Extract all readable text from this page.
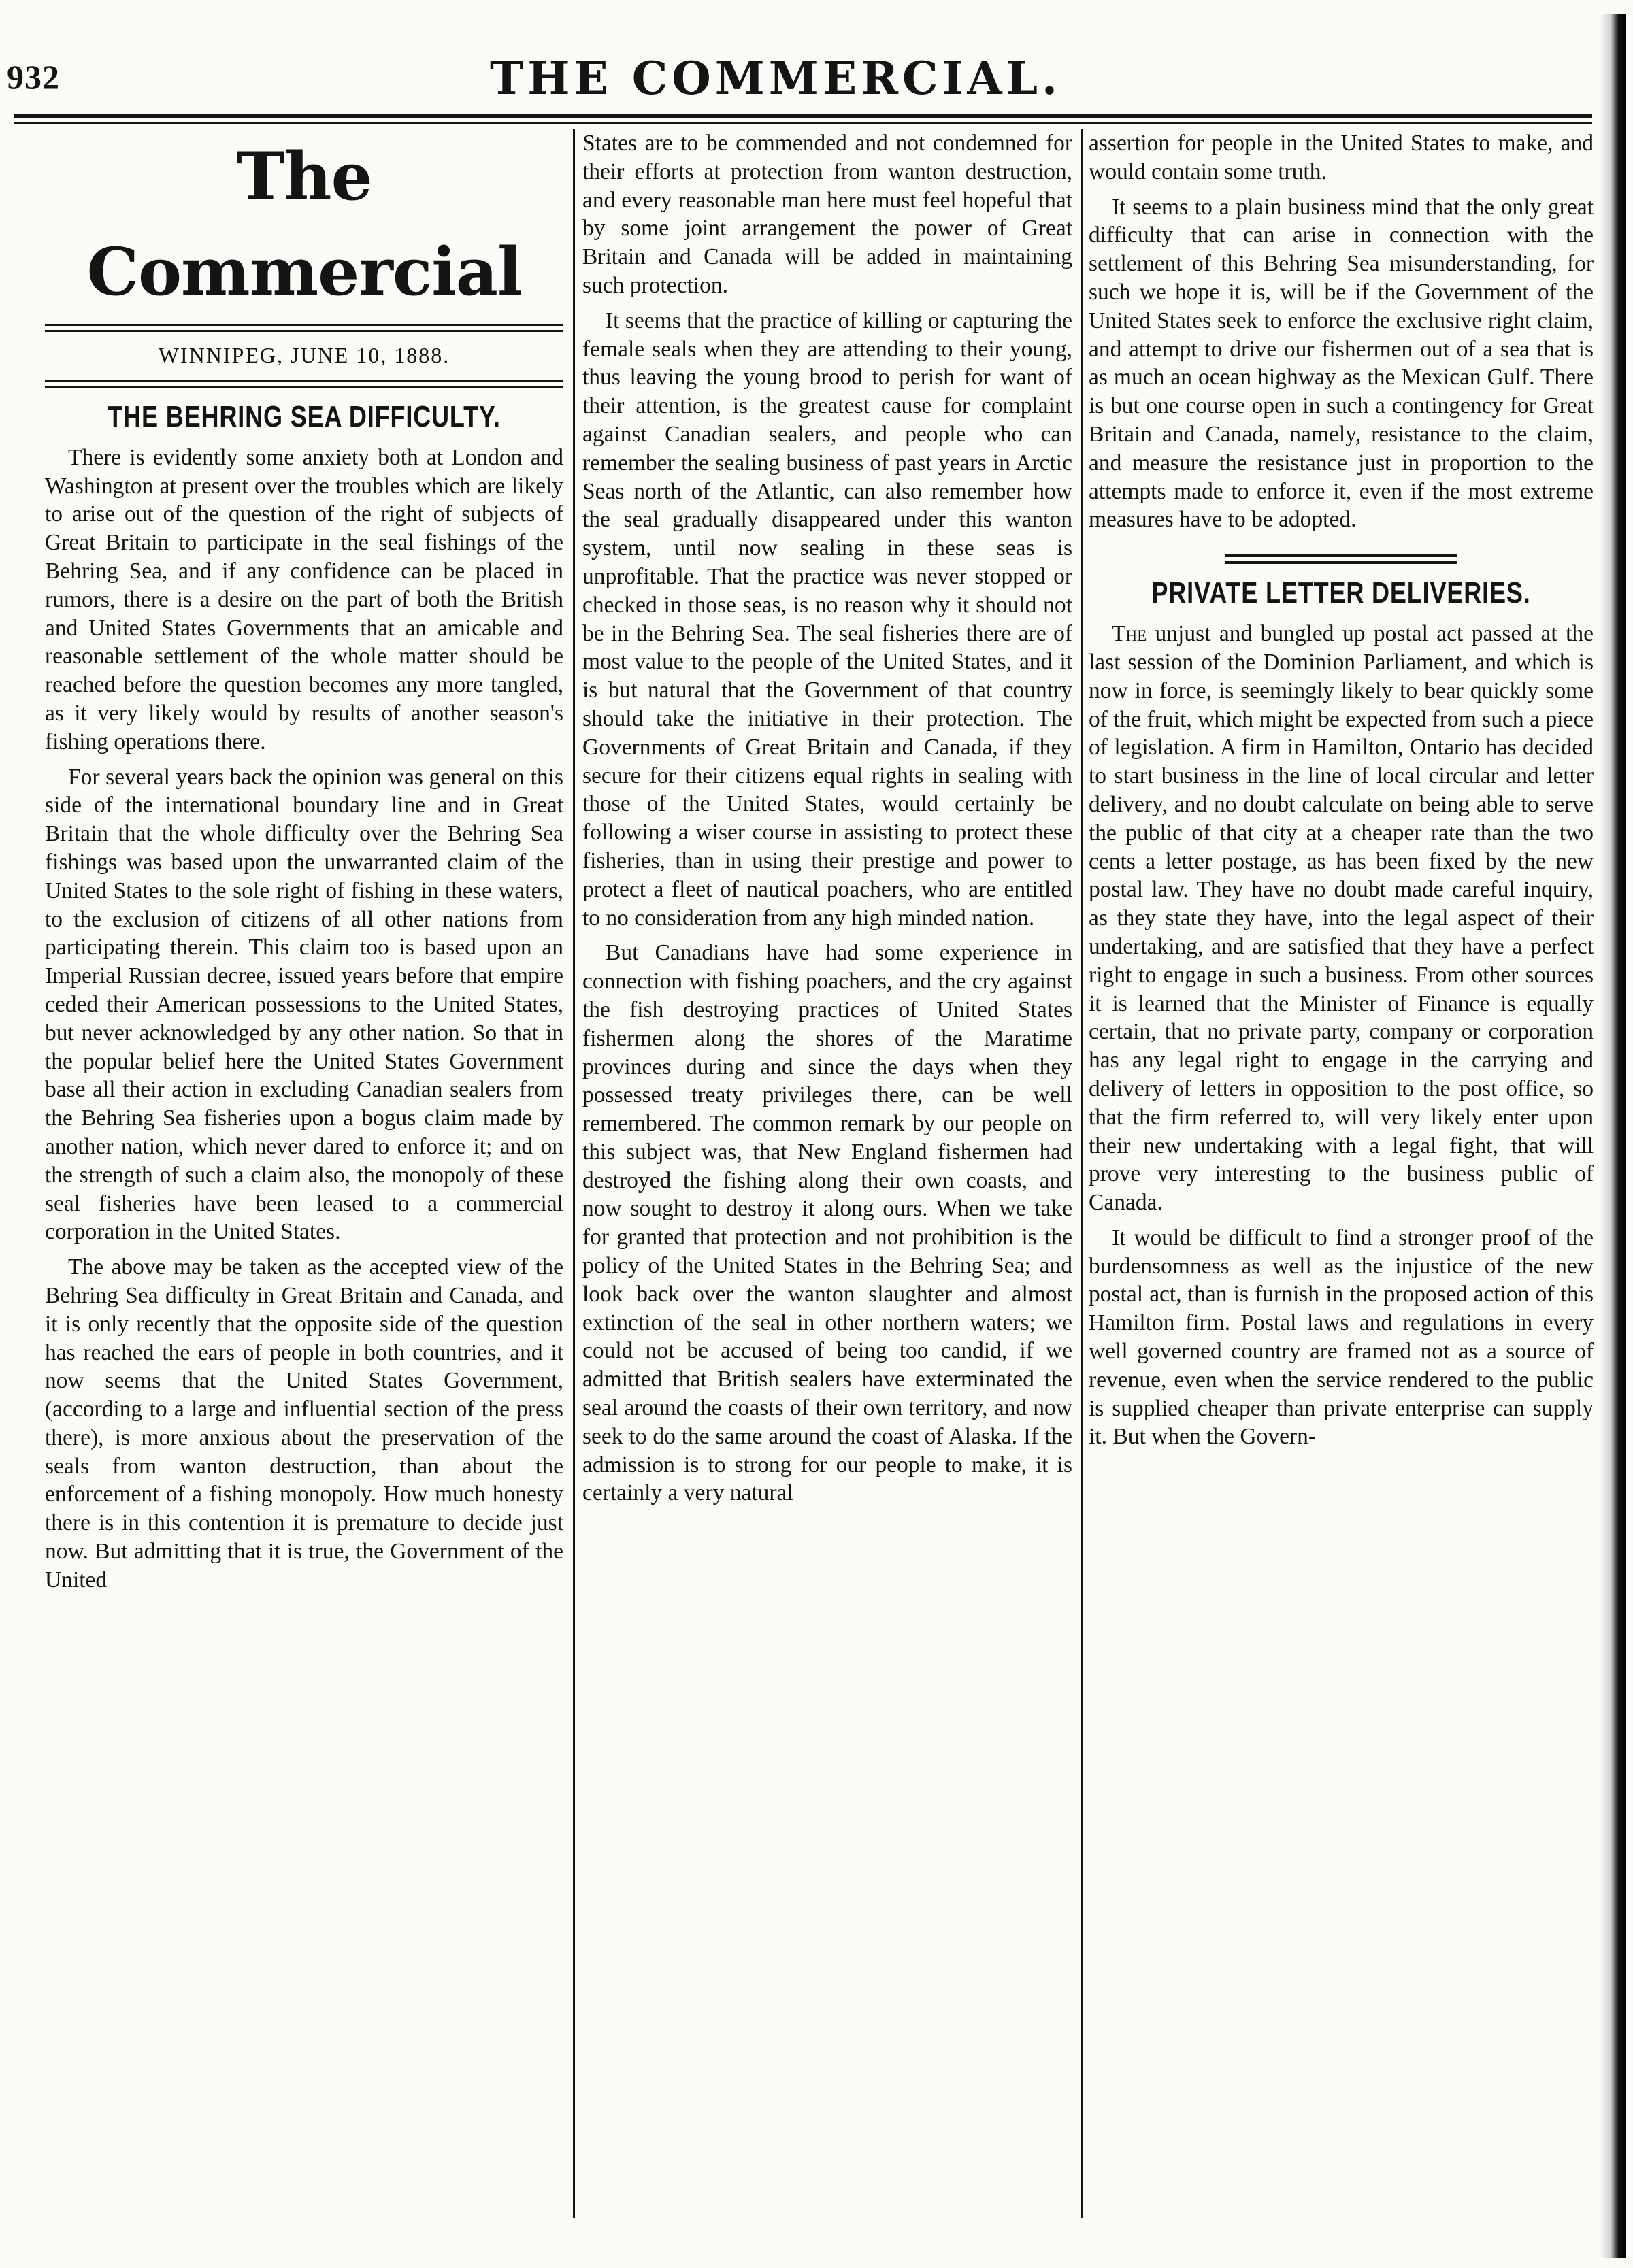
932	THE COMMERCIAL.
The Commercial
WINNIPEG, JUNE 10, 1888.
THE BEHRING SEA DIFFICULTY.

There is evidently some anxiety both at London and Washington at present over the troubles which are likely to arise out of the question of the right of subjects of Great Britain to participate in the seal fishings of the Behring Sea, and if any confidence can be placed in rumors, there is a desire on the part of both the British and United States Governments that an amicable and reasonable settlement of the whole matter should be reached before the question becomes any more tangled, as it very likely would by results of another season's fishing operations there.

For several years back the opinion was general on this side of the international boundary line and in Great Britain that the whole difficulty over the Behring Sea fishings was based upon the unwarranted claim of the United States to the sole right of fishing in these waters, to the exclusion of citizens of all other nations from participating therein. This claim too is based upon an Imperial Russian decree, issued years before that empire ceded their American possessions to the United States, but never acknowledged by any other nation. So that in the popular belief here the United States Government base all their action in excluding Canadian sealers from the Behring Sea fisheries upon a bogus claim made by another nation, which never dared to enforce it; and on the strength of such a claim also, the monopoly of these seal fisheries have been leased to a commercial corporation in the United States.

The above may be taken as the accepted view of the Behring Sea difficulty in Great Britain and Canada, and it is only recently that the opposite side of the question has reached the ears of people in both countries, and it now seems that the United States Government, (according to a large and influential section of the press there), is more anxious about the preservation of the seals from wanton destruction, than about the enforcement of a fishing monopoly. How much honesty there is in this contention it is premature to decide just now. But admitting that it is true, the Government of the United

States are to be commended and not condemned for their efforts at protection from wanton destruction, and every reasonable man here must feel hopeful that by some joint arrangement the power of Great Britain and Canada will be added in maintaining such protection.

It seems that the practice of killing or capturing the female seals when they are attending to their young, thus leaving the young brood to perish for want of their attention, is the greatest cause for complaint against Canadian sealers, and people who can remember the sealing business of past years in Arctic Seas north of the Atlantic, can also remember how the seal gradually disappeared under this wanton system, until now sealing in these seas is unprofitable. That the practice was never stopped or checked in those seas, is no reason why it should not be in the Behring Sea. The seal fisheries there are of most value to the people of the United States, and it is but natural that the Government of that country should take the initiative in their protection. The Governments of Great Britain and Canada, if they secure for their citizens equal rights in sealing with those of the United States, would certainly be following a wiser course in assisting to protect these fisheries, than in using their prestige and power to protect a fleet of nautical poachers, who are entitled to no consideration from any high minded nation.

But Canadians have had some experience in connection with fishing poachers, and the cry against the fish destroying practices of United States fishermen along the shores of the Maratime provinces during and since the days when they possessed treaty privileges there, can be well remembered. The common remark by our people on this subject was, that New England fishermen had destroyed the fishing along their own coasts, and now sought to destroy it along ours. When we take for granted that protection and not prohibition is the policy of the United States in the Behring Sea; and look back over the wanton slaughter and almost extinction of the seal in other northern waters; we could not be accused of being too candid, if we admitted that British sealers have exterminated the seal around the coasts of their own territory, and now seek to do the same around the coast of Alaska. If the admission is to strong for our people to make, it is certainly a very natural

assertion for people in the United States to make, and would contain some truth.

It seems to a plain business mind that the only great difficulty that can arise in connection with the settlement of this Behring Sea misunderstanding, for such we hope it is, will be if the Government of the United States seek to enforce the exclusive right claim, and attempt to drive our fishermen out of a sea that is as much an ocean highway as the Mexican Gulf. There is but one course open in such a contingency for Great Britain and Canada, namely, resistance to the claim, and measure the resistance just in proportion to the attempts made to enforce it, even if the most extreme measures have to be adopted.

PRIVATE LETTER DELIVERIES.

The unjust and bungled up postal act passed at the last session of the Dominion Parliament, and which is now in force, is seemingly likely to bear quickly some of the fruit, which might be expected from such a piece of legislation. A firm in Hamilton, Ontario has decided to start business in the line of local circular and letter delivery, and no doubt calculate on being able to serve the public of that city at a cheaper rate than the two cents a letter postage, as has been fixed by the new postal law. They have no doubt made careful inquiry, as they state they have, into the legal aspect of their undertaking, and are satisfied that they have a perfect right to engage in such a business. From other sources it is learned that the Minister of Finance is equally certain, that no private party, company or corporation has any legal right to engage in the carrying and delivery of letters in opposition to the post office, so that the firm referred to, will very likely enter upon their new undertaking with a legal fight, that will prove very interesting to the business public of Canada.

It would be difficult to find a stronger proof of the burdensomness as well as the injustice of the new postal act, than is furnish in the proposed action of this Hamilton firm. Postal laws and regulations in every well governed country are framed not as a source of revenue, even when the service rendered to the public is supplied cheaper than private enterprise can supply it. But when the Govern-
